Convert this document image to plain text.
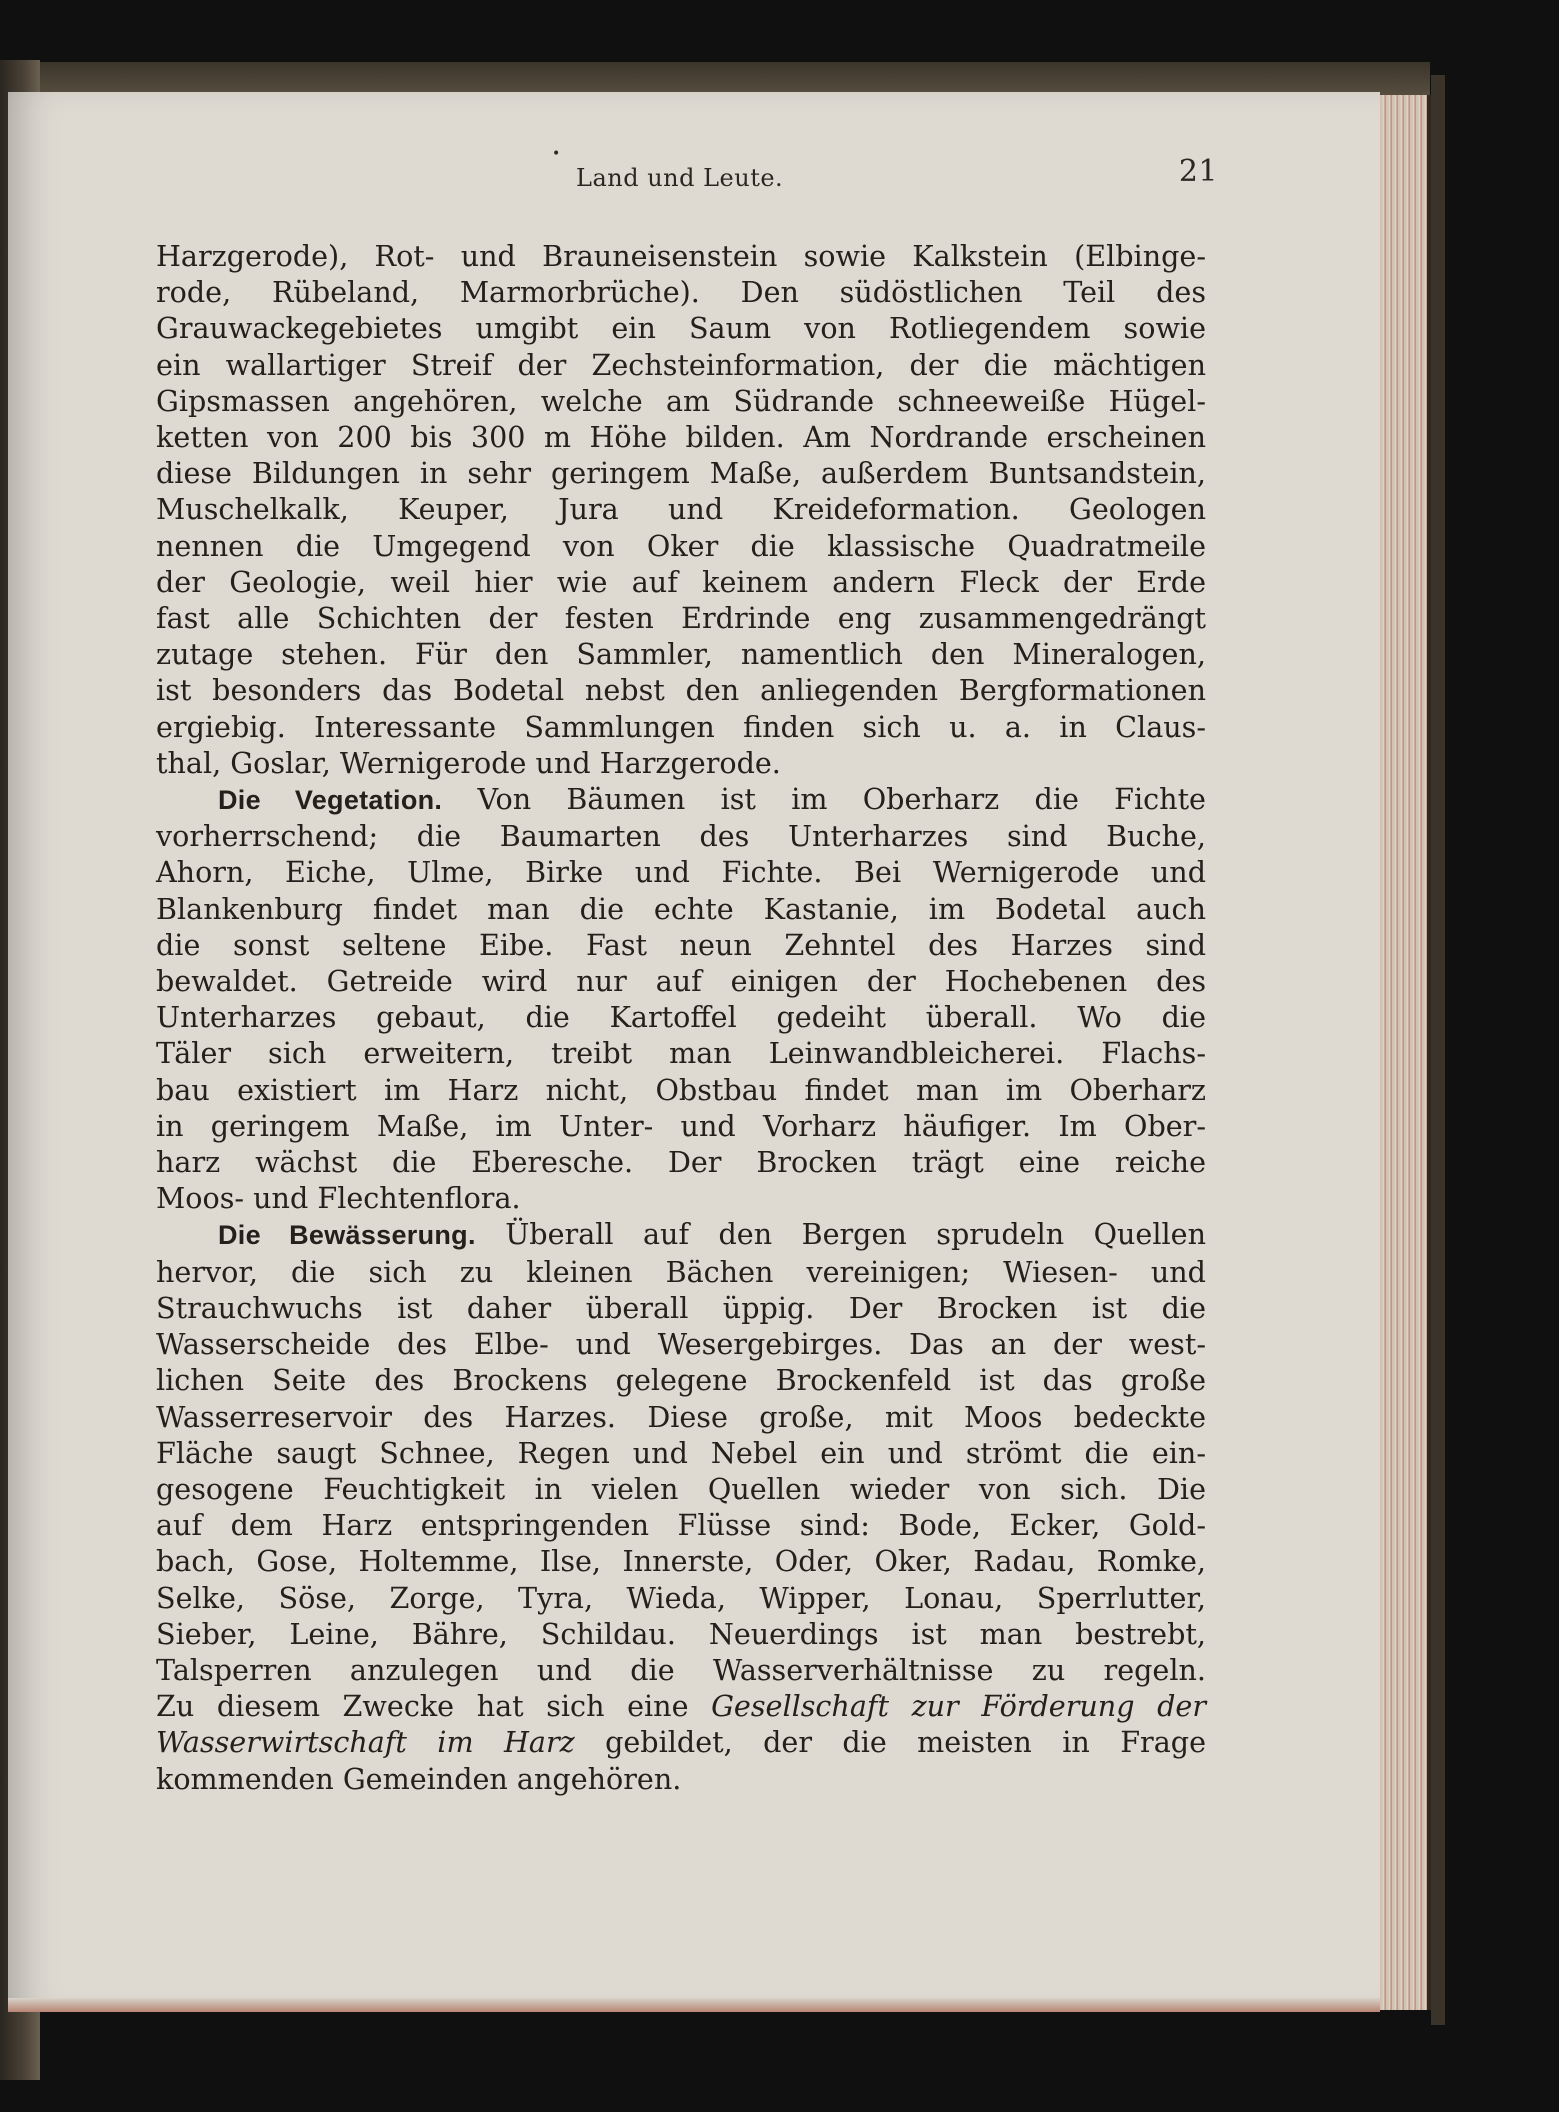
•
Land und Leute.	21
Harzgerode), Rot- und Brauneisenstein sowie Kalkstein (Elbinge-
rode, Rübeland, Marmorbrüche). Den südöstlichen Teil des
Grauwackegebietes umgibt ein Saum von Rotliegendem sowie
ein wallartiger Streif der Zechsteinformation, der die mächtigen
Gipsmassen angehören, welche am Südrande schneeweiße Hügel-
ketten von 200 bis 300 m Höhe bilden. Am Nordrande erscheinen
diese Bildungen in sehr geringem Maße, außerdem Buntsandstein,
Muschelkalk, Keuper, Jura und Kreideformation. Geologen
nennen die Umgegend von Oker die klassische Quadratmeile
der Geologie, weil hier wie auf keinem andern Fleck der Erde
fast alle Schichten der festen Erdrinde eng zusammengedrängt
zutage stehen. Für den Sammler, namentlich den Mineralogen,
ist besonders das Bodetal nebst den anliegenden Bergformationen
ergiebig. Interessante Sammlungen finden sich u. a. in Claus-
thal, Goslar, Wernigerode und Harzgerode.
Die Vegetation. Von Bäumen ist im Oberharz die Fichte
vorherrschend; die Baumarten des Unterharzes sind Buche,
Ahorn, Eiche, Ulme, Birke und Fichte. Bei Wernigerode und
Blankenburg findet man die echte Kastanie, im Bodetal auch
die sonst seltene Eibe. Fast neun Zehntel des Harzes sind
bewaldet. Getreide wird nur auf einigen der Hochebenen des
Unterharzes gebaut, die Kartoffel gedeiht überall. Wo die
Täler sich erweitern, treibt man Leinwandbleicherei. Flachs-
bau existiert im Harz nicht, Obstbau findet man im Oberharz
in geringem Maße, im Unter- und Vorharz häufiger. Im Ober-
harz wächst die Eberesche. Der Brocken trägt eine reiche
Moos- und Flechtenflora.
Die Bewässerung. Überall auf den Bergen sprudeln Quellen
hervor, die sich zu kleinen Bächen vereinigen; Wiesen- und
Strauchwuchs ist daher überall üppig. Der Brocken ist die
Wasserscheide des Elbe- und Wesergebirges. Das an der west-
lichen Seite des Brockens gelegene Brockenfeld ist das große
Wasserreservoir des Harzes. Diese große, mit Moos bedeckte
Fläche saugt Schnee, Regen und Nebel ein und strömt die ein-
gesogene Feuchtigkeit in vielen Quellen wieder von sich. Die
auf dem Harz entspringenden Flüsse sind: Bode, Ecker, Gold-
bach, Gose, Holtemme, Ilse, Innerste, Oder, Oker, Radau, Romke,
Selke, Söse, Zorge, Tyra, Wieda, Wipper, Lonau, Sperrlutter,
Sieber, Leine, Bähre, Schildau. Neuerdings ist man bestrebt,
Talsperren anzulegen und die Wasserverhältnisse zu regeln.
Zu diesem Zwecke hat sich eine Gesellschaft zur Förderung der
Wasserwirtschaft im Harz gebildet, der die meisten in Frage
kommenden Gemeinden angehören.
